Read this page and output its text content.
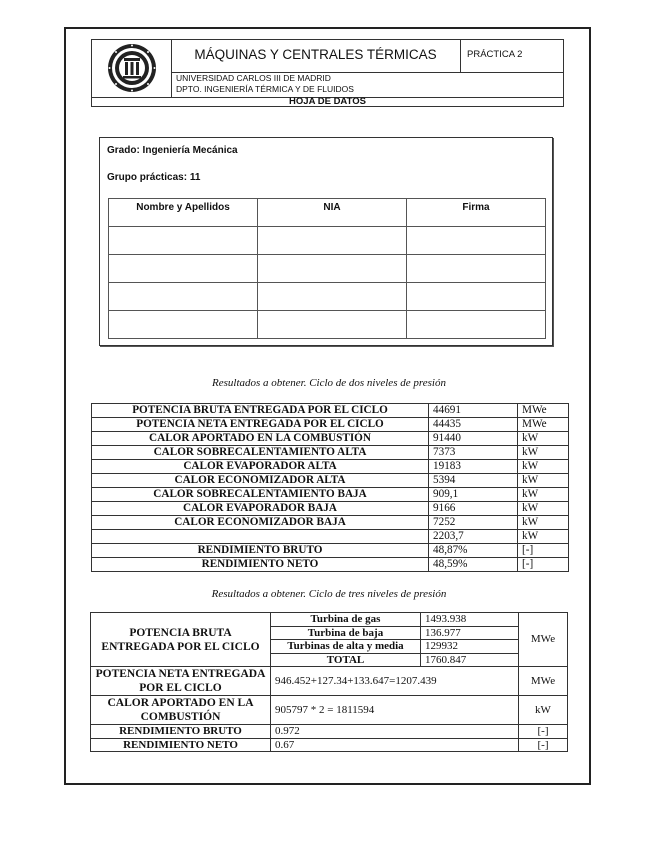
MÁQUINAS Y CENTRALES TÉRMICAS	PRÁCTICA 2
UNIVERSIDAD CARLOS III DE MADRID
DPTO. INGENIERÍA TÉRMICA Y DE FLUIDOS
HOJA DE DATOS
Grado: Ingeniería Mecánica
Grupo prácticas: 11
Nombre y Apellidos	NIA	Firma

Resultados a obtener. Ciclo de dos niveles de presión
POTENCIA BRUTA ENTREGADA POR EL CICLO	44691	MWe
POTENCIA NETA ENTREGADA POR EL CICLO	44435	MWe
CALOR APORTADO EN LA COMBUSTIÓN	91440	kW
CALOR SOBRECALENTAMIENTO ALTA	7373	kW
CALOR EVAPORADOR ALTA	19183	kW
CALOR ECONOMIZADOR ALTA	5394	kW
CALOR SOBRECALENTAMIENTO BAJA	909,1	kW
CALOR EVAPORADOR BAJA	9166	kW
CALOR ECONOMIZADOR BAJA	7252	kW
	2203,7	kW
RENDIMIENTO BRUTO	48,87%	[-]
RENDIMIENTO NETO	48,59%	[-]
Resultados a obtener. Ciclo de tres niveles de presión
POTENCIA BRUTA ENTREGADA POR EL CICLO	Turbina de gas	1493.938	MWe
	Turbina de baja	136.977	
	Turbinas de alta y media	129932	
	TOTAL	1760.847	
POTENCIA NETA ENTREGADA POR EL CICLO	946.452+127.34+133.647=1207.439		MWe
CALOR APORTADO EN LA COMBUSTIÓN	905797 * 2 = 1811594		kW
RENDIMIENTO BRUTO	0.972		[-]
RENDIMIENTO NETO	0.67		[-]
